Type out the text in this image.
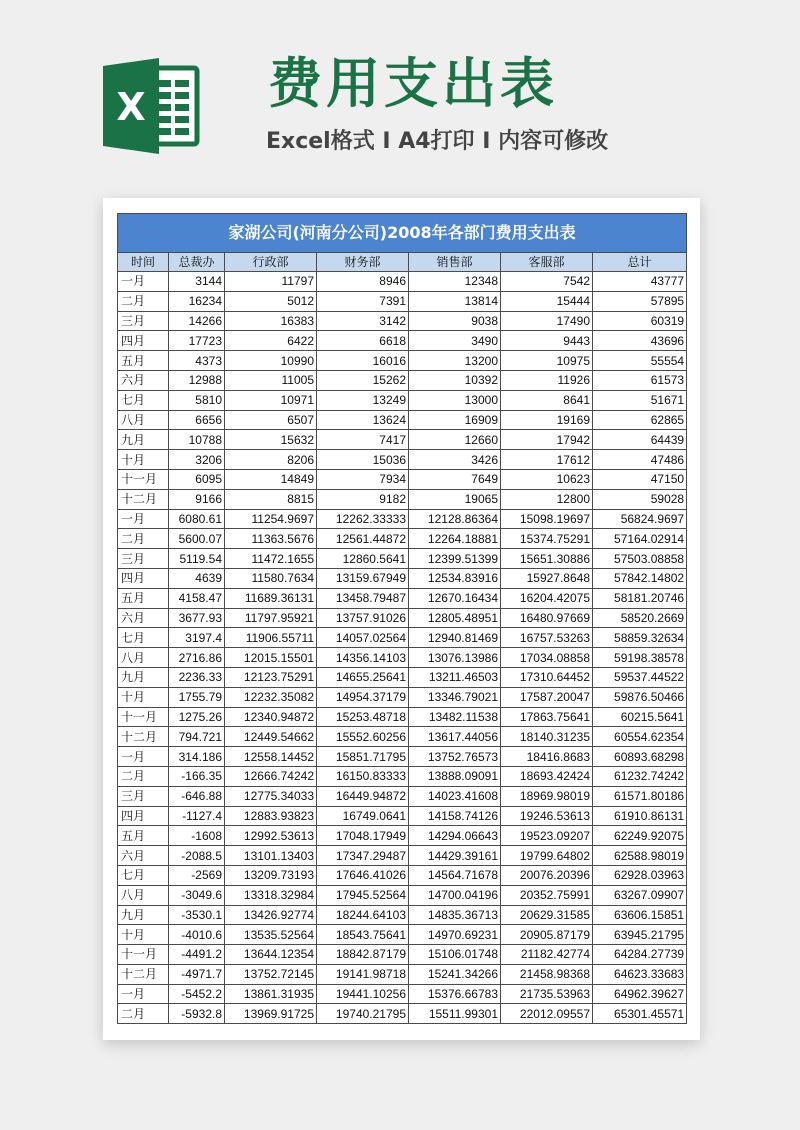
X 费用支出表

Excel格式 I A4打印 I 内容可修改

家湖公司(河南分公司)2008年各部门费用支出表						
时间	总裁办	行政部	财务部	销售部	客服部	总计
一月	3144	11797	8946	12348	7542	43777
二月	16234	5012	7391	13814	15444	57895
三月	14266	16383	3142	9038	17490	60319
四月	17723	6422	6618	3490	9443	43696
五月	4373	10990	16016	13200	10975	55554
六月	12988	11005	15262	10392	11926	61573
七月	5810	10971	13249	13000	8641	51671
八月	6656	6507	13624	16909	19169	62865
九月	10788	15632	7417	12660	17942	64439
十月	3206	8206	15036	3426	17612	47486
十一月	6095	14849	7934	7649	10623	47150
十二月	9166	8815	9182	19065	12800	59028
一月	6080.61	11254.9697	12262.33333	12128.86364	15098.19697	56824.9697
二月	5600.07	11363.5676	12561.44872	12264.18881	15374.75291	57164.02914
三月	5119.54	11472.1655	12860.5641	12399.51399	15651.30886	57503.08858
四月	4639	11580.7634	13159.67949	12534.83916	15927.8648	57842.14802
五月	4158.47	11689.36131	13458.79487	12670.16434	16204.42075	58181.20746
六月	3677.93	11797.95921	13757.91026	12805.48951	16480.97669	58520.2669
七月	3197.4	11906.55711	14057.02564	12940.81469	16757.53263	58859.32634
八月	2716.86	12015.15501	14356.14103	13076.13986	17034.08858	59198.38578
九月	2236.33	12123.75291	14655.25641	13211.46503	17310.64452	59537.44522
十月	1755.79	12232.35082	14954.37179	13346.79021	17587.20047	59876.50466
十一月	1275.26	12340.94872	15253.48718	13482.11538	17863.75641	60215.5641
十二月	794.721	12449.54662	15552.60256	13617.44056	18140.31235	60554.62354
一月	314.186	12558.14452	15851.71795	13752.76573	18416.8683	60893.68298
二月	-166.35	12666.74242	16150.83333	13888.09091	18693.42424	61232.74242
三月	-646.88	12775.34033	16449.94872	14023.41608	18969.98019	61571.80186
四月	-1127.4	12883.93823	16749.0641	14158.74126	19246.53613	61910.86131
五月	-1608	12992.53613	17048.17949	14294.06643	19523.09207	62249.92075
六月	-2088.5	13101.13403	17347.29487	14429.39161	19799.64802	62588.98019
七月	-2569	13209.73193	17646.41026	14564.71678	20076.20396	62928.03963
八月	-3049.6	13318.32984	17945.52564	14700.04196	20352.75991	63267.09907
九月	-3530.1	13426.92774	18244.64103	14835.36713	20629.31585	63606.15851
十月	-4010.6	13535.52564	18543.75641	14970.69231	20905.87179	63945.21795
十一月	-4491.2	13644.12354	18842.87179	15106.01748	21182.42774	64284.27739
十二月	-4971.7	13752.72145	19141.98718	15241.34266	21458.98368	64623.33683
一月	-5452.2	13861.31935	19441.10256	15376.66783	21735.53963	64962.39627
二月	-5932.8	13969.91725	19740.21795	15511.99301	22012.09557	65301.45571
